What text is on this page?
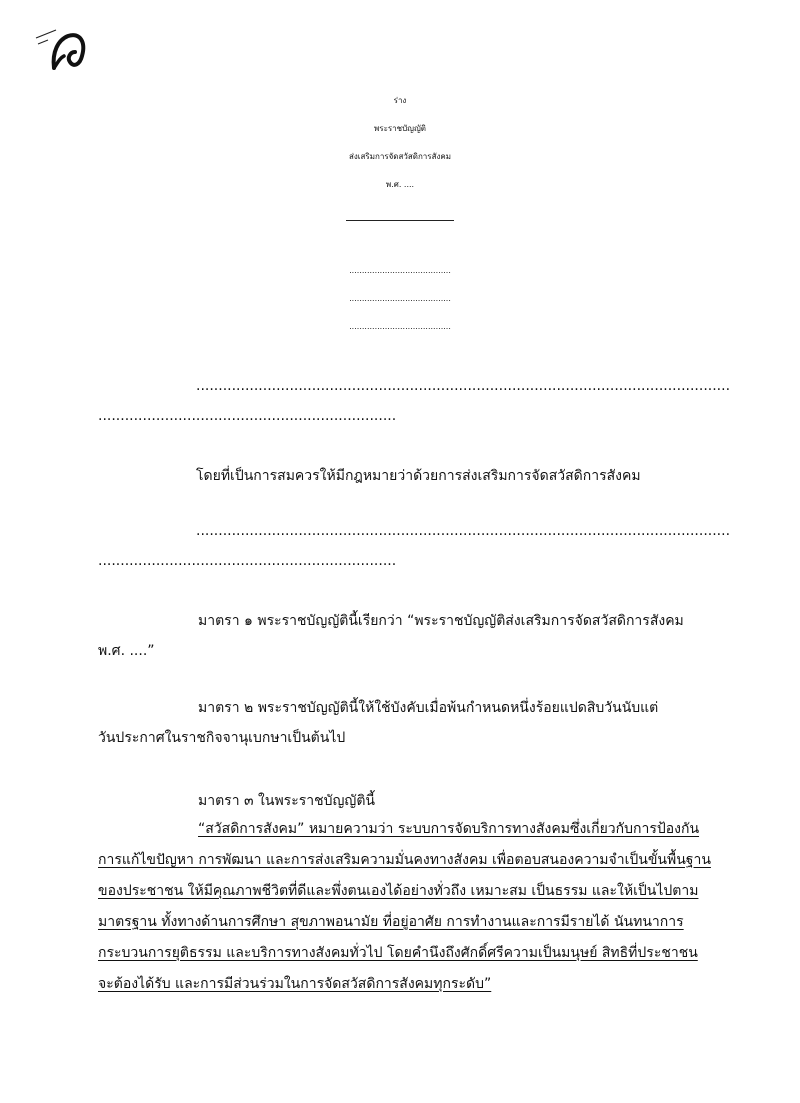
ร่าง
พระราชบัญญัติ
ส่งเสริมการจัดสวัสดิการสังคม
พ.ศ. ....
........................................
........................................
........................................
........................................................................................................................
...................................................................
โดยที่เป็นการสมควรให้มีกฎหมายว่าด้วยการส่งเสริมการจัดสวัสดิการสังคม
........................................................................................................................
...................................................................
มาตรา ๑ พระราชบัญญัตินี้เรียกว่า “พระราชบัญญัติส่งเสริมการจัดสวัสดิการสังคม
พ.ศ. ....”
มาตรา ๒ พระราชบัญญัตินี้ให้ใช้บังคับเมื่อพ้นกำหนดหนึ่งร้อยแปดสิบวันนับแต่
วันประกาศในราชกิจจานุเบกษาเป็นต้นไป
มาตรา ๓ ในพระราชบัญญัตินี้
“สวัสดิการสังคม” หมายความว่า ระบบการจัดบริการทางสังคมซึ่งเกี่ยวกับการป้องกัน
การแก้ไขปัญหา การพัฒนา และการส่งเสริมความมั่นคงทางสังคม เพื่อตอบสนองความจำเป็นขั้นพื้นฐาน
ของประชาชน ให้มีคุณภาพชีวิตที่ดีและพึ่งตนเองได้อย่างทั่วถึง เหมาะสม เป็นธรรม และให้เป็นไปตาม
มาตรฐาน ทั้งทางด้านการศึกษา สุขภาพอนามัย ที่อยู่อาศัย การทำงานและการมีรายได้ นันทนาการ
กระบวนการยุติธรรม และบริการทางสังคมทั่วไป โดยคำนึงถึงศักดิ์ศรีความเป็นมนุษย์ สิทธิที่ประชาชน
จะต้องได้รับ และการมีส่วนร่วมในการจัดสวัสดิการสังคมทุกระดับ”
